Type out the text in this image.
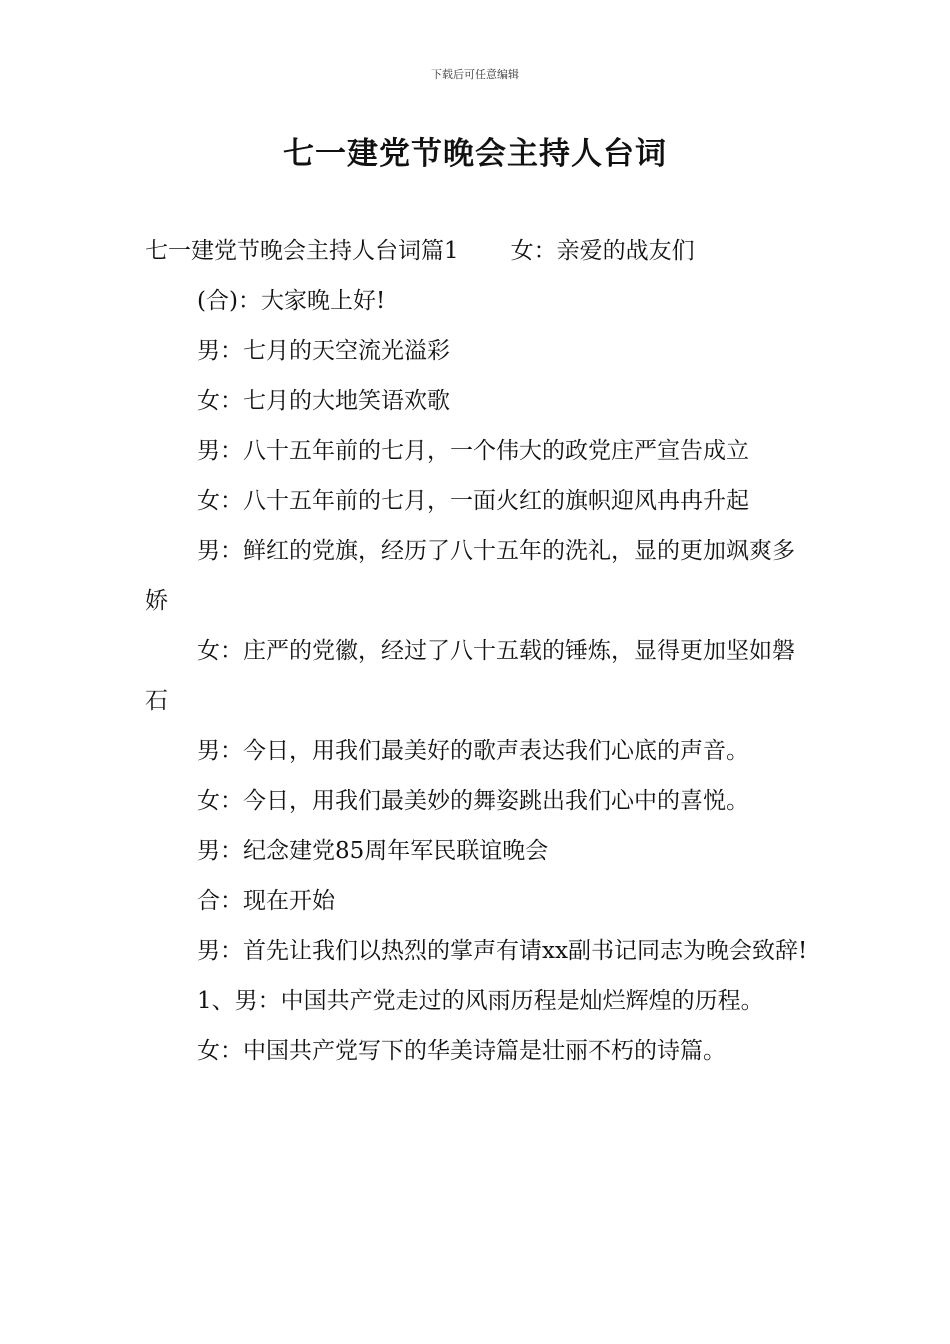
下载后可任意编辑
七一建党节晚会主持人台词

七一建党节晚会主持人台词篇1 女：亲爱的战友们

(合)：大家晚上好!

男：七月的天空流光溢彩

女：七月的大地笑语欢歌

男：八十五年前的七月，一个伟大的政党庄严宣告成立

女：八十五年前的七月，一面火红的旗帜迎风冉冉升起

男：鲜红的党旗，经历了八十五年的洗礼，显的更加飒爽多娇

女：庄严的党徽，经过了八十五载的锤炼，显得更加坚如磐石

男：今日，用我们最美好的歌声表达我们心底的声音。

女：今日，用我们最美妙的舞姿跳出我们心中的喜悦。

男：纪念建党85周年军民联谊晚会

合：现在开始

男：首先让我们以热烈的掌声有请xx副书记同志为晚会致辞!

1、男：中国共产党走过的风雨历程是灿烂辉煌的历程。

女：中国共产党写下的华美诗篇是壮丽不朽的诗篇。
